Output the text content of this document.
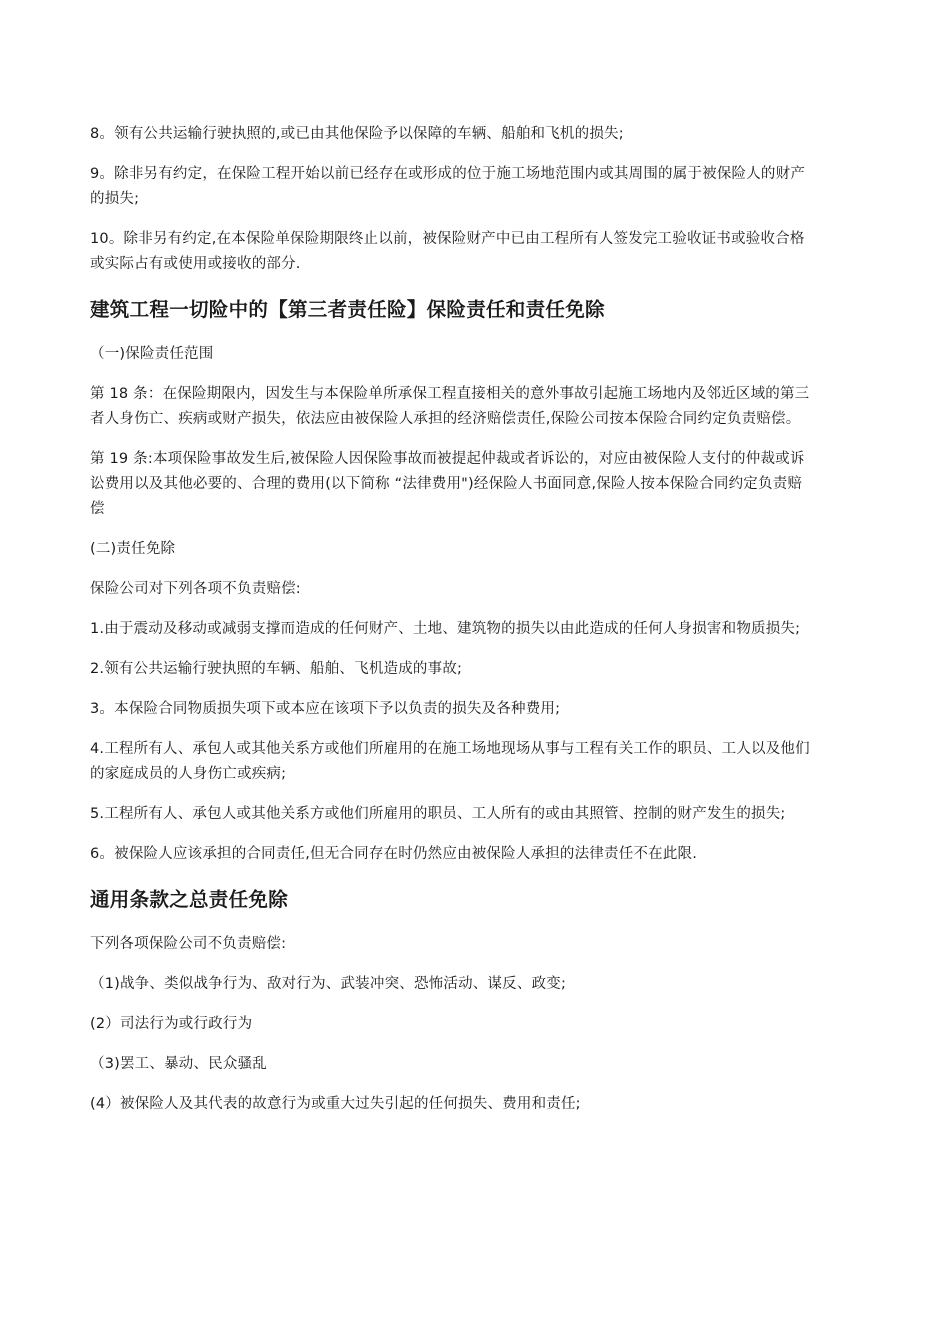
8。领有公共运输行驶执照的,或已由其他保险予以保障的车辆、船舶和飞机的损失;

9。除非另有约定，在保险工程开始以前已经存在或形成的位于施工场地范围内或其周围的属于被保险人的财产的损失;

10。除非另有约定,在本保险单保险期限终止以前，被保险财产中已由工程所有人签发完工验收证书或验收合格或实际占有或使用或接收的部分.

建筑工程一切险中的【第三者责任险】保险责任和责任免除

（一)保险责任范围

第 18 条：在保险期限内，因发生与本保险单所承保工程直接相关的意外事故引起施工场地内及邻近区域的第三者人身伤亡、疾病或财产损失，依法应由被保险人承担的经济赔偿责任,保险公司按本保险合同约定负责赔偿。

第 19 条:本项保险事故发生后,被保险人因保险事故而被提起仲裁或者诉讼的，对应由被保险人支付的仲裁或诉讼费用以及其他必要的、合理的费用(以下简称 “法律费用")经保险人书面同意,保险人按本保险合同约定负责赔偿

(二)责任免除

保险公司对下列各项不负责赔偿:

1.由于震动及移动或减弱支撑而造成的任何财产、土地、建筑物的损失以由此造成的任何人身损害和物质损失;

2.领有公共运输行驶执照的车辆、船舶、飞机造成的事故;

3。本保险合同物质损失项下或本应在该项下予以负责的损失及各种费用;

4.工程所有人、承包人或其他关系方或他们所雇用的在施工场地现场从事与工程有关工作的职员、工人以及他们的家庭成员的人身伤亡或疾病;

5.工程所有人、承包人或其他关系方或他们所雇用的职员、工人所有的或由其照管、控制的财产发生的损失;

6。被保险人应该承担的合同责任,但无合同存在时仍然应由被保险人承担的法律责任不在此限.

通用条款之总责任免除

下列各项保险公司不负责赔偿:

（1)战争、类似战争行为、敌对行为、武装冲突、恐怖活动、谋反、政变;

(2）司法行为或行政行为

（3)罢工、暴动、民众骚乱

(4）被保险人及其代表的故意行为或重大过失引起的任何损失、费用和责任;
